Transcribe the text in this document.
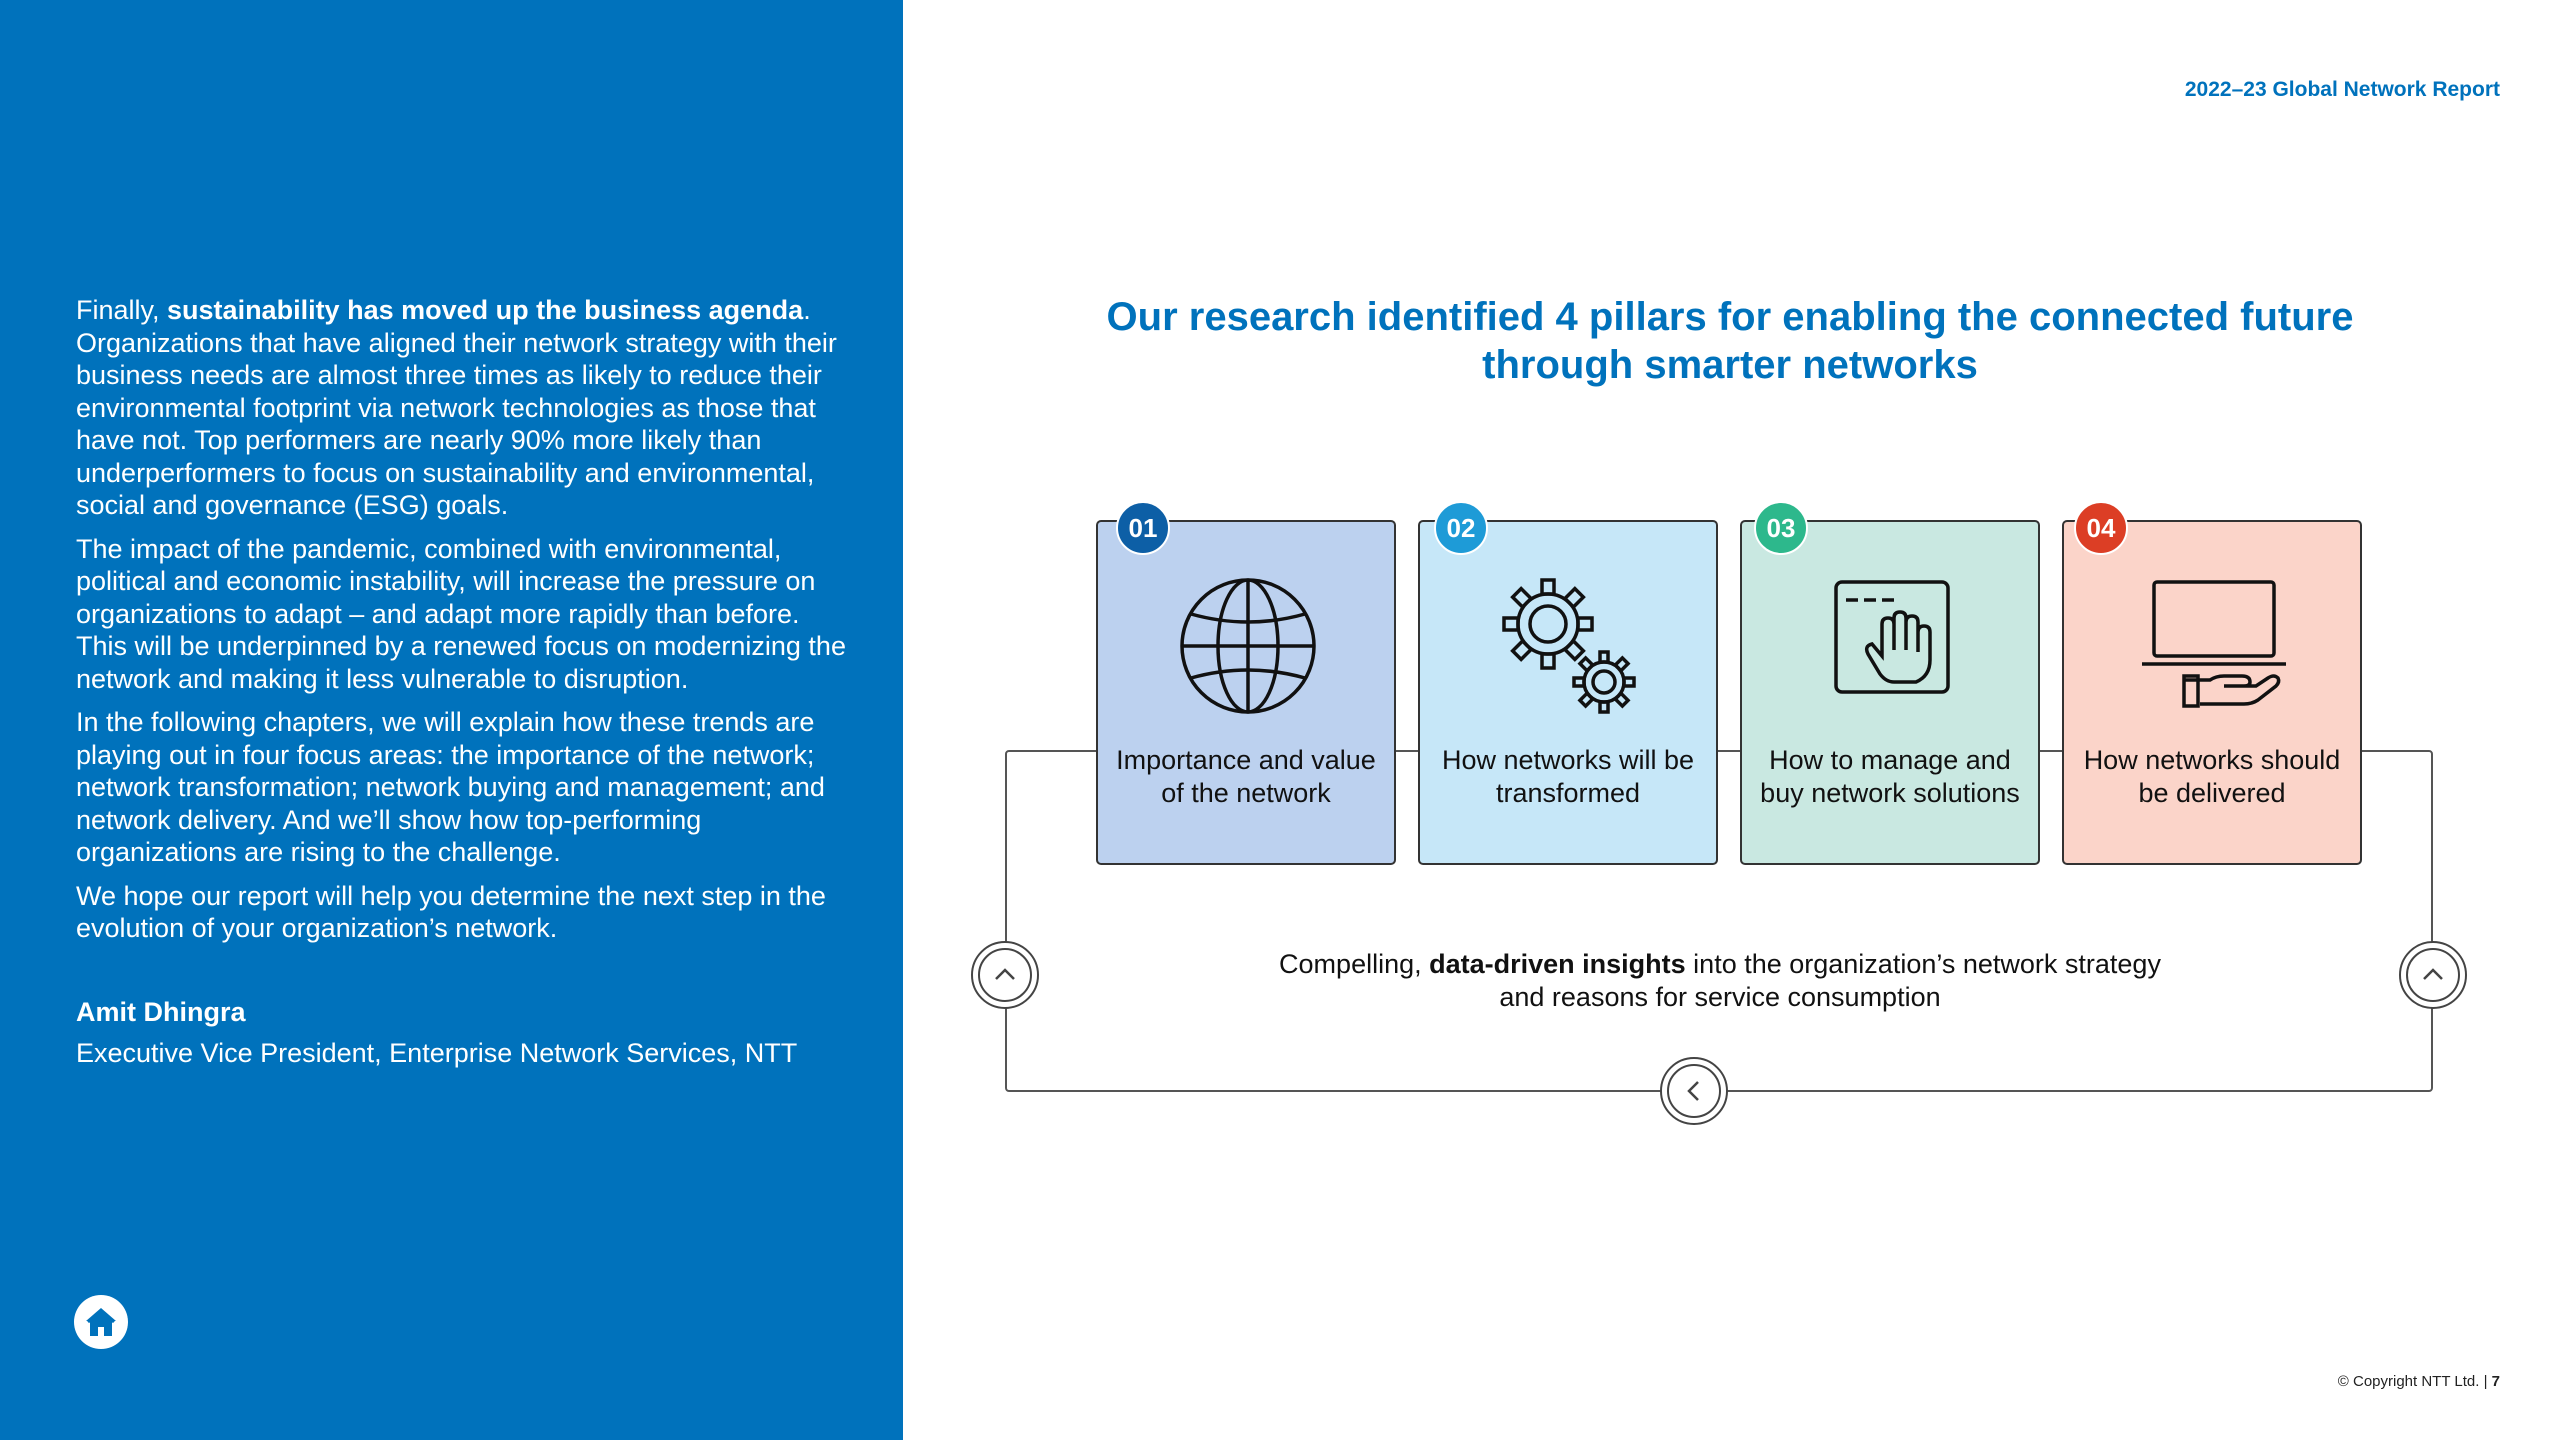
Finally, sustainability has moved up the business agenda. Organizations that have aligned their network strategy with their business needs are almost three times as likely to reduce their environmental footprint via network technologies as those that have not. Top performers are nearly 90% more likely than underperformers to focus on sustainability and environmental, social and governance (ESG) goals.

The impact of the pandemic, combined with environmental, political and economic instability, will increase the pressure on organizations to adapt – and adapt more rapidly than before. This will be underpinned by a renewed focus on modernizing the network and making it less vulnerable to disruption.

In the following chapters, we will explain how these trends are playing out in four focus areas: the importance of the network; network transformation; network buying and management; and network delivery. And we’ll show how top-performing organizations are rising to the challenge.

We hope our report will help you determine the next step in the evolution of your organization’s network.

Amit Dhingra
Executive Vice President, Enterprise Network Services, NTT
2022–23 Global Network Report
Our research identified 4 pillars for enabling the connected future
through smarter networks
Importance and value of the network
How networks will be transformed
How to manage and buy network solutions
How networks should be delivered
01	02	03	04
Compelling, data-driven insights into the organization’s network strategy
and reasons for service consumption
© Copyright NTT Ltd. | 7
